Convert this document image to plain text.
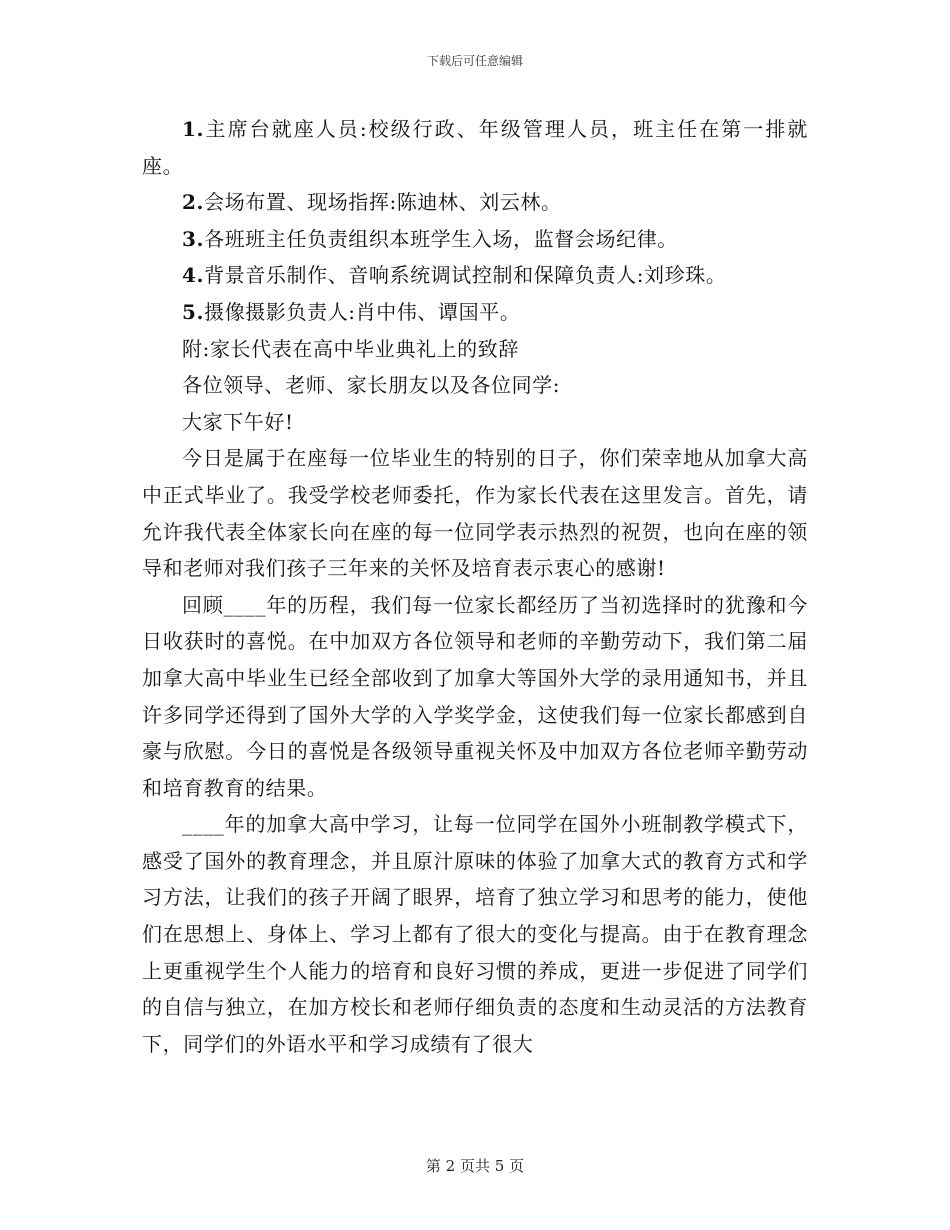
下载后可任意编辑

1.主席台就座人员:校级行政、年级管理人员，班主任在第一排就座。

2.会场布置、现场指挥:陈迪林、刘云林。

3.各班班主任负责组织本班学生入场，监督会场纪律。

4.背景音乐制作、音响系统调试控制和保障负责人:刘珍珠。

5.摄像摄影负责人:肖中伟、谭国平。

附:家长代表在高中毕业典礼上的致辞

各位领导、老师、家长朋友以及各位同学:

大家下午好!

今日是属于在座每一位毕业生的特别的日子，你们荣幸地从加拿大高中正式毕业了。我受学校老师委托，作为家长代表在这里发言。首先，请允许我代表全体家长向在座的每一位同学表示热烈的祝贺，也向在座的领导和老师对我们孩子三年来的关怀及培育表示衷心的感谢!

回顾____年的历程，我们每一位家长都经历了当初选择时的犹豫和今日收获时的喜悦。在中加双方各位领导和老师的辛勤劳动下，我们第二届加拿大高中毕业生已经全部收到了加拿大等国外大学的录用通知书，并且许多同学还得到了国外大学的入学奖学金，这使我们每一位家长都感到自豪与欣慰。今日的喜悦是各级领导重视关怀及中加双方各位老师辛勤劳动和培育教育的结果。

____年的加拿大高中学习，让每一位同学在国外小班制教学模式下，感受了国外的教育理念，并且原汁原味的体验了加拿大式的教育方式和学习方法，让我们的孩子开阔了眼界，培育了独立学习和思考的能力，使他们在思想上、身体上、学习上都有了很大的变化与提高。由于在教育理念上更重视学生个人能力的培育和良好习惯的养成，更进一步促进了同学们的自信与独立，在加方校长和老师仔细负责的态度和生动灵活的方法教育下，同学们的外语水平和学习成绩有了很大

第 2 页共 5 页
